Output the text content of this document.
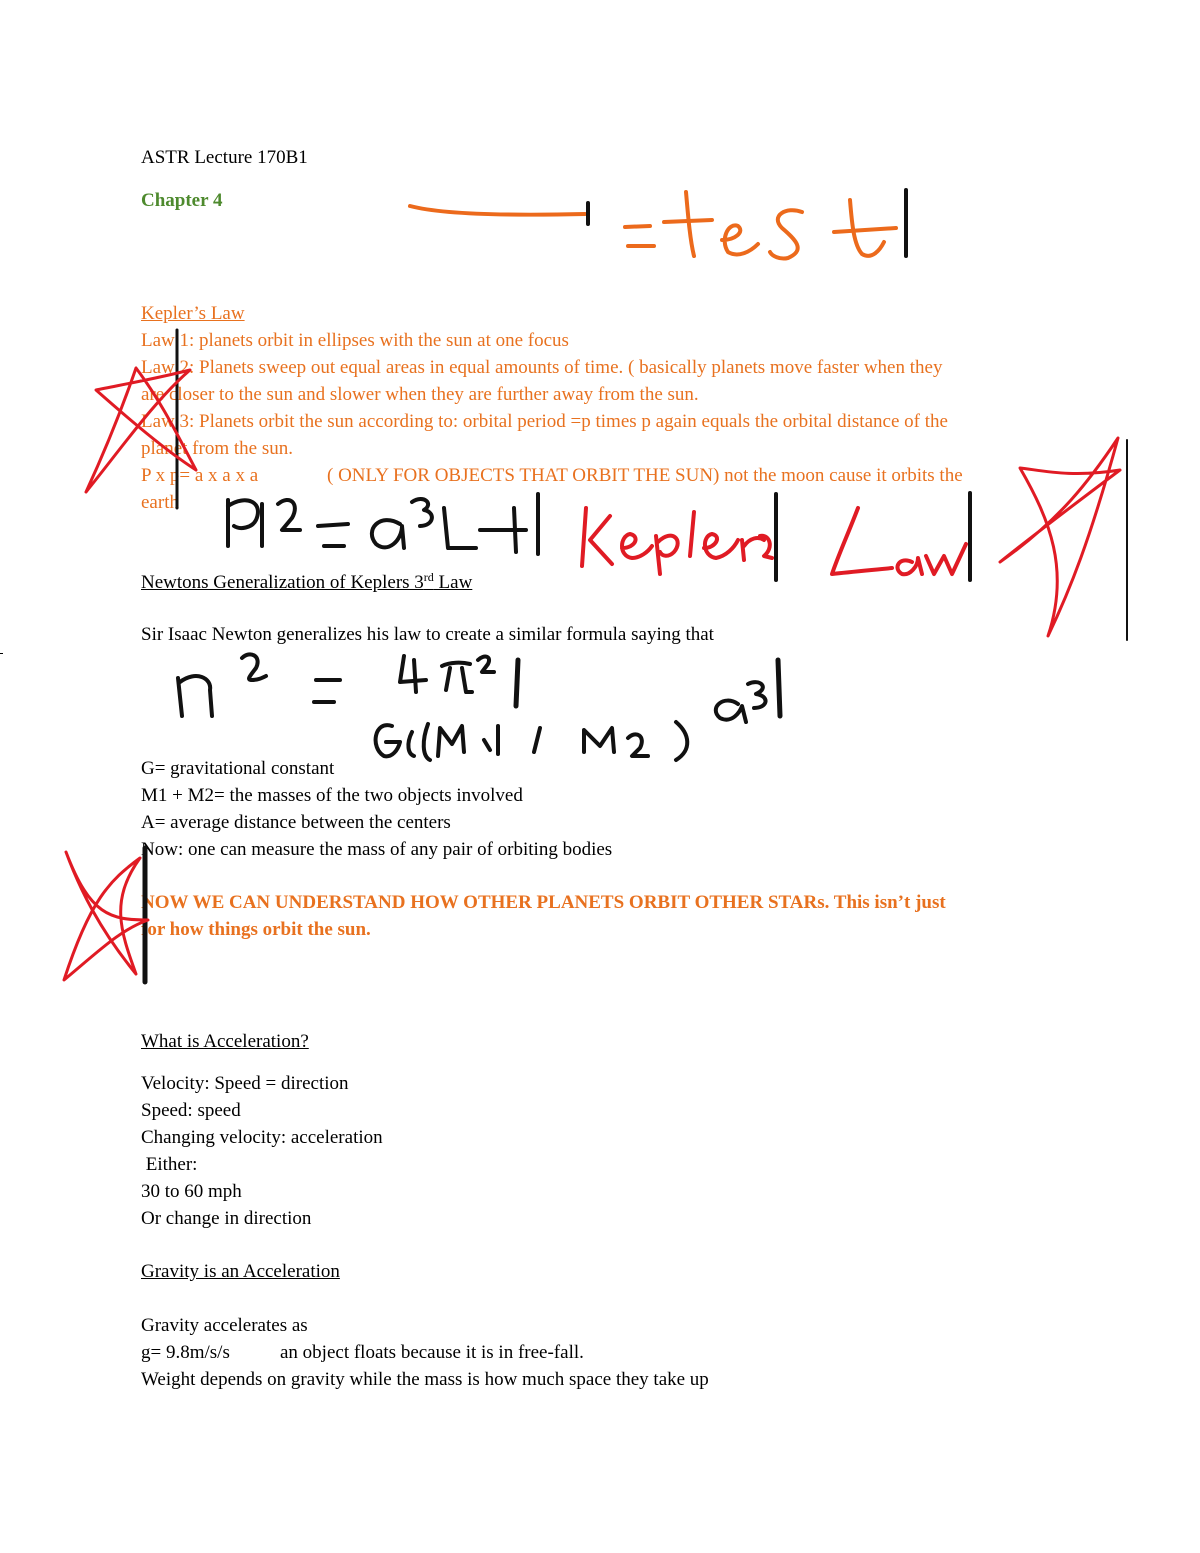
ASTR Lecture 170B1
Chapter 4
Kepler’s Law
Law 1: planets orbit in ellipses with the sun at one focus
Law 2: Planets sweep out equal areas in equal amounts of time. ( basically planets move faster when they
are closer to the sun and slower when they are further away from the sun.
Law 3: Planets orbit the sun according to: orbital period =p times p again equals the orbital distance of the
planet from the sun.
P x p= a x a x a	( ONLY FOR OBJECTS THAT ORBIT THE SUN) not the moon cause it orbits the
earth
Newtons Generalization of Keplers 3rd Law
Sir Isaac Newton generalizes his law to create a similar formula saying that
G= gravitational constant
M1 + M2= the masses of the two objects involved
A= average distance between the centers
Now: one can measure the mass of any pair of orbiting bodies
NOW WE CAN UNDERSTAND HOW OTHER PLANETS ORBIT OTHER STARs. This isn’t just
for how things orbit the sun.
What is Acceleration?
Velocity: Speed = direction
Speed: speed
Changing velocity: acceleration
Either:
30 to 60 mph
Or change in direction
Gravity is an Acceleration
Gravity accelerates as
g= 9.8m/s/s	an object floats because it is in free-fall.
Weight depends on gravity while the mass is how much space they take up
